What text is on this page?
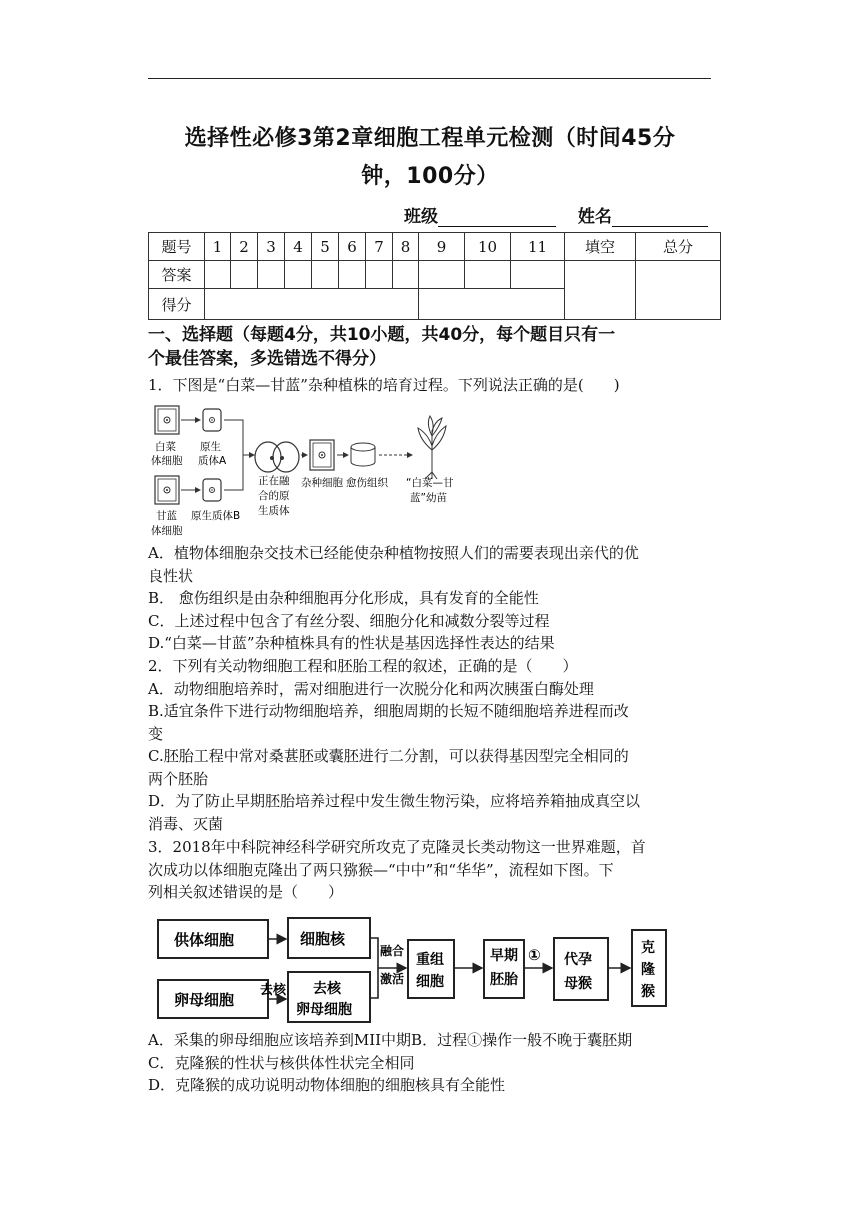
选择性必修3第2章细胞工程单元检测（时间45分
钟，100分）
班级	姓名
题号	1	2	3	4	5	6	7	8	9	10	11	填空	总分
答案													
得分													
一、选择题（每题4分，共10小题，共40分，每个题目只有一
个最佳答案，多选错选不得分）
1．下图是“白菜—甘蓝”杂种植株的培育过程。下列说法正确的是(　　)
白菜
体细胞
原生
质体A
甘蓝
体细胞
原生质体B
正在融
合的原
生质体
杂种细胞 愈伤组织 “白菜—甘
蓝”幼苗
A．植物体细胞杂交技术已经能使杂种植物按照人们的需要表现出亲代的优
良性状
B． 愈伤组织是由杂种细胞再分化形成，具有发育的全能性
C．上述过程中包含了有丝分裂、细胞分化和减数分裂等过程
D.“白菜—甘蓝”杂种植株具有的性状是基因选择性表达的结果
2．下列有关动物细胞工程和胚胎工程的叙述，正确的是（　　）
A．动物细胞培养时，需对细胞进行一次脱分化和两次胰蛋白酶处理
B.适宜条件下进行动物细胞培养，细胞周期的长短不随细胞培养进程而改
变
C.胚胎工程中常对桑葚胚或囊胚进行二分割，可以获得基因型完全相同的
两个胚胎
D．为了防止早期胚胎培养过程中发生微生物污染，应将培养箱抽成真空以
消毒、灭菌
3．2018年中科院神经科学研究所攻克了克隆灵长类动物这一世界难题，首
次成功以体细胞克隆出了两只猕猴—“中中”和“华华”，流程如下图。下
列相关叙述错误的是（　　）
供体细胞	细胞核
卵母细胞
去核 去核
卵母细胞
融合
激活
重组
细胞
早期
胚胎
① 代孕
母猴
克
隆
猴
A．采集的卵母细胞应该培养到MII中期B．过程①操作一般不晚于囊胚期
C．克隆猴的性状与核供体性状完全相同
D．克隆猴的成功说明动物体细胞的细胞核具有全能性
